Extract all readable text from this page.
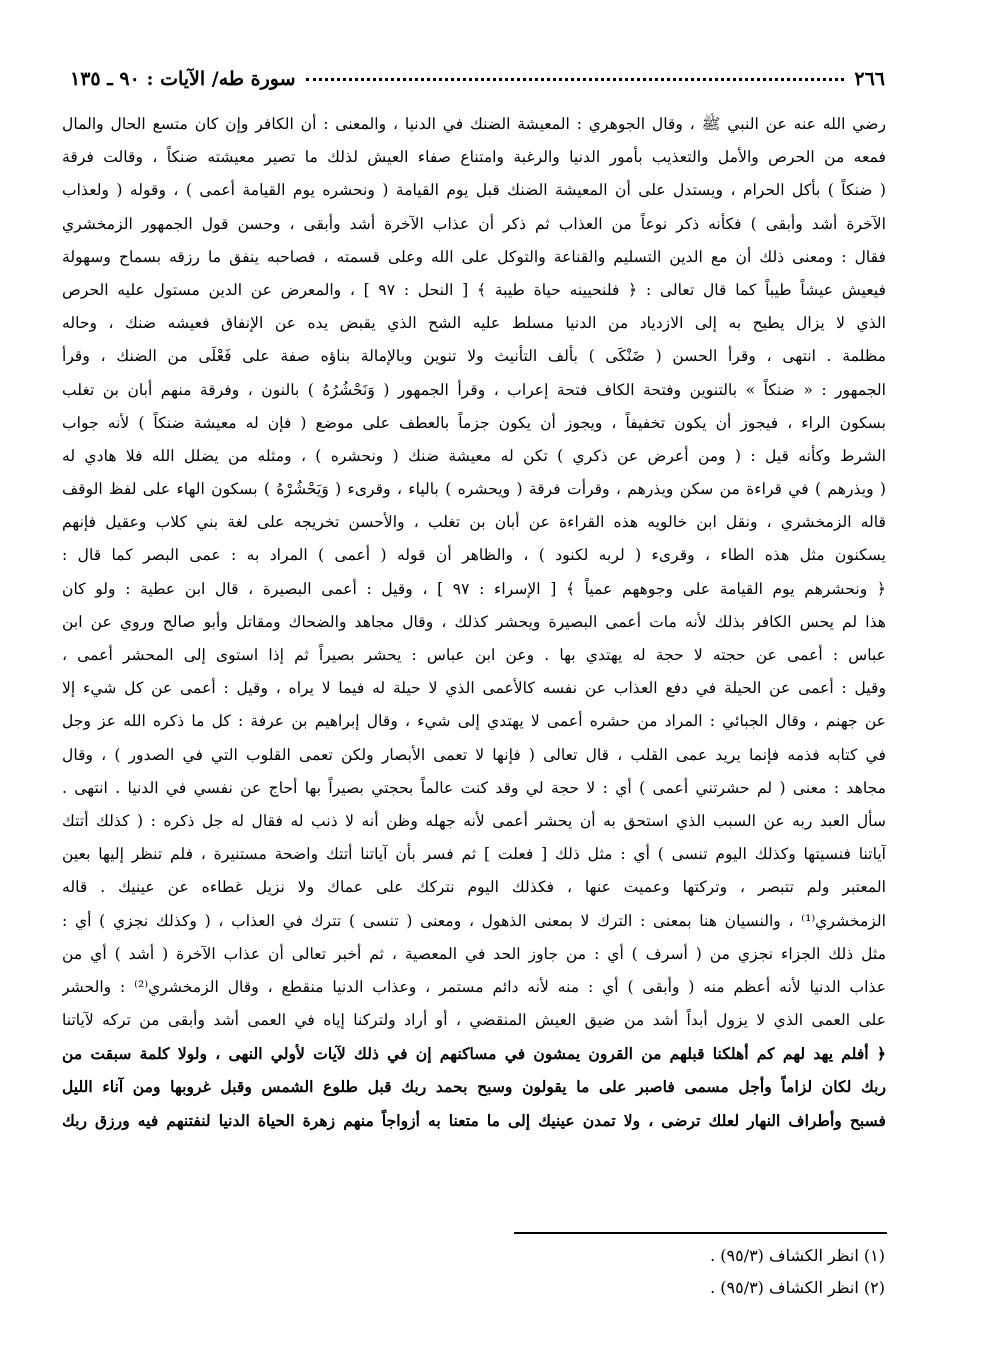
٢٦٦
سورة طه/ الآيات : ٩٠ ـ ١٣٥
رضي الله عنه عن النبي ﷺ ، وقال الجوهري : المعيشة الضنك في الدنيا ، والمعنى : أن الكافر وإن كان متسع الحال والمال
فمعه من الحرص والأمل والتعذيب بأمور الدنيا والرغبة وامتناع صفاء العيش لذلك ما تصير معيشته ضنكاً ، وقالت فرقة
( ضنكاً ) بأكل الحرام ، ويستدل على أن المعيشة الضنك قبل يوم القيامة ( ونحشره يوم القيامة أعمى ) ، وقوله ( ولعذاب
الآخرة أشد وأبقى ) فكأنه ذكر نوعاً من العذاب ثم ذكر أن عذاب الآخرة أشد وأبقى ، وحسن قول الجمهور الزمخشري
فقال : ومعنى ذلك أن مع الدين التسليم والقناعة والتوكل على الله وعلى قسمته ، فصاحبه ينفق ما رزقه بسماح وسهولة
فيعيش عيشاً طيباً كما قال تعالى : ﴿ فلنحيينه حياة طيبة ﴾ [ النحل : ٩٧ ] ، والمعرض عن الدين مستول عليه الحرص
الذي لا يزال يطيح به إلى الازدياد من الدنيا مسلط عليه الشح الذي يقبض يده عن الإنفاق فعيشه ضنك ، وحاله
مظلمة . انتهى ، وقرأ الحسن ( ضَنْكَى ) بألف التأنيث ولا تنوين وبالإمالة بناؤه صفة على فَعْلَى من الضنك ، وقرأ
الجمهور : « ضنكاً » بالتنوين وفتحة الكاف فتحة إعراب ، وقرأ الجمهور ( وَنَحْشُرُهُ ) بالنون ، وفرقة منهم أبان بن تغلب
بسكون الراء ، فيجوز أن يكون تخفيفاً ، ويجوز أن يكون جزماً بالعطف على موضع ( فإن له معيشة ضنكاً ) لأنه جواب
الشرط وكأنه قيل : ( ومن أعرض عن ذكري ) تكن له معيشة ضنك ( ونحشره ) ، ومثله من يضلل الله فلا هادي له
( ويذرهم ) في قراءة من سكن ويذرهم ، وقرأت فرقة ( ويحشره ) بالياء ، وقرىء ( وَيَحْشُرْهُ ) بسكون الهاء على لفظ الوقف
قاله الزمخشري ، ونقل ابن خالويه هذه القراءة عن أبان بن تغلب ، والأحسن تخريجه على لغة بني كلاب وعقيل فإنهم
يسكنون مثل هذه الطاء ، وقرىء ( لربه لكنود ) ، والظاهر أن قوله ( أعمى ) المراد به : عمى البصر كما قال :
﴿ ونحشرهم يوم القيامة على وجوههم عمياً ﴾ [ الإسراء : ٩٧ ] ، وقيل : أعمى البصيرة ، قال ابن عطية : ولو كان
هذا لم يحس الكافر بذلك لأنه مات أعمى البصيرة ويحشر كذلك ، وقال مجاهد والضحاك ومقاتل وأبو صالح وروي عن ابن
عباس : أعمى عن حجته لا حجة له يهتدي بها . وعن ابن عباس : يحشر بصيراً ثم إذا استوى إلى المحشر أعمى ،
وقيل : أعمى عن الحيلة في دفع العذاب عن نفسه كالأعمى الذي لا حيلة له فيما لا يراه ، وقيل : أعمى عن كل شيء إلا
عن جهنم ، وقال الجبائي : المراد من حشره أعمى لا يهتدي إلى شيء ، وقال إبراهيم بن عرفة : كل ما ذكره الله عز وجل
في كتابه فذمه فإنما يريد عمى القلب ، قال تعالى ( فإنها لا تعمى الأبصار ولكن تعمى القلوب التي في الصدور ) ، وقال
مجاهد : معنى ( لم حشرتني أعمى ) أي : لا حجة لي وقد كنت عالماً بحجتي بصيراً بها أحاج عن نفسي في الدنيا . انتهى .
سأل العبد ربه عن السبب الذي استحق به أن يحشر أعمى لأنه جهله وظن أنه لا ذنب له فقال له جل ذكره : ( كذلك أتتك
آياتنا فنسيتها وكذلك اليوم تنسى ) أي : مثل ذلك [ فعلت ] ثم فسر بأن آياتنا أتتك واضحة مستنيرة ، فلم تنظر إليها بعين
المعتبر ولم تتبصر ، وتركتها وعميت عنها ، فكذلك اليوم نتركك على عماك ولا نزيل غطاءه عن عينيك . قاله
الزمخشري⁽¹⁾ ، والنسيان هنا بمعنى : الترك لا بمعنى الذهول ، ومعنى ( تنسى ) تترك في العذاب ، ( وكذلك نجزي ) أي :
مثل ذلك الجزاء نجزي من ( أسرف ) أي : من جاوز الحد في المعصية ، ثم أخبر تعالى أن عذاب الآخرة ( أشد ) أي من
عذاب الدنيا لأنه أعظم منه ( وأبقى ) أي : منه لأنه دائم مستمر ، وعذاب الدنيا منقطع ، وقال الزمخشري⁽²⁾ : والحشر
على العمى الذي لا يزول أبداً أشد من ضيق العيش المنقضي ، أو أراد ولتركنا إياه في العمى أشد وأبقى من تركه لآياتنا
﴿ أفلم يهد لهم كم أهلكنا قبلهم من القرون يمشون في مساكنهم إن في ذلك لآيات لأولي النهى ، ولولا كلمة سبقت من
ربك لكان لزاماً وأجل مسمى فاصبر على ما يقولون وسبح بحمد ربك قبل طلوع الشمس وقبل غروبها ومن آناء الليل
فسبح وأطراف النهار لعلك ترضى ، ولا تمدن عينيك إلى ما متعنا به أزواجاً منهم زهرة الحياة الدنيا لنفتنهم فيه ورزق ربك
(١) انظر الكشاف (٩٥/٣) .
(٢) انظر الكشاف (٩٥/٣) .
